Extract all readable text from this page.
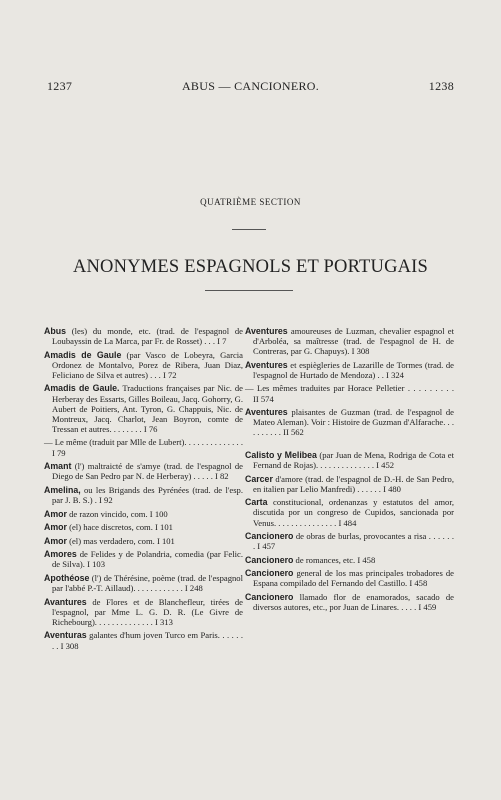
1237	ABUS — CANCIONERO.	1238
QUATRIÈME SECTION
ANONYMES ESPAGNOLS ET PORTUGAIS
Abus (les) du monde, etc. (trad. de l'espagnol de Loubayssin de La Marca, par Fr. de Rosset) . . . I 7
Amadis de Gaule (par Vasco de Lobeyra, Garcia Ordonez de Montalvo, Porez de Ribera, Juan Diaz, Feliciano de Silva et autres) . . . I 72
Amadis de Gaule. Traductions françaises par Nic. de Herberay des Essarts, Gilles Boileau, Jacq. Gohorry, G. Aubert de Poitiers, Ant. Tyron, G. Chappuis, Nic. de Montreux, Jacq. Charlot, Jean Boyron, comte de Tressan et autres. . . . . . . . I 76
— Le même (traduit par Mlle de Lubert). . . . . . . . . . . . . . I 79
Amant (l') maltraicté de s'amye (trad. de l'espagnol de Diego de San Pedro par N. de Herberay) . . . . . I 82
Amelina, ou les Brigands des Pyrénées (trad. de l'esp. par J. B. S.) . I 92
Amor de razon vincido, com. I 100
Amor (el) hace discretos, com. I 101
Amor (el) mas verdadero, com. I 101
Amores de Felides y de Polandria, comedia (par Felic. de Silva). I 103
Apothéose (l') de Thérésine, poème (trad. de l'espagnol par l'abbé P.-T. Aillaud). . . . . . . . . . . . I 248
Avantures de Flores et de Blanchefleur, tirées de l'espagnol, par Mme L. G. D. R. (Le Givre de Richebourg). . . . . . . . . . . . . . I 313
Aventuras galantes d'hum joven Turco em Paris. . . . . . . . I 308
Aventures amoureuses de Luzman, chevalier espagnol et d'Arboléa, sa maîtresse (trad. de l'espagnol de H. de Contreras, par G. Chapuys). I 308
Aventures et espiègleries de Lazarille de Tormes (trad. de l'espagnol de Hurtado de Mendoza) . . I 324
— Les mêmes traduites par Horace Pelletier . . . . . . . . . II 574
Aventures plaisantes de Guzman (trad. de l'espagnol de Mateo Aleman). Voir : Histoire de Guzman d'Alfarache. . . . . . . . . . II 562
Calisto y Melibea (par Juan de Mena, Rodriga de Cota et Fernand de Rojas). . . . . . . . . . . . . . I 452
Carcer d'amore (trad. de l'espagnol de D.-H. de San Pedro, en italien par Lelio Manfredi) . . . . . . I 480
Carta constitucional, ordenanzas y estatutos del amor, discutida por un congreso de Cupidos, sancionada por Venus. . . . . . . . . . . . . . . I 484
Cancionero de obras de burlas, provocantes a risa . . . . . . . I 457
Cancionero de romances, etc. I 458
Cancionero general de los mas principales trobadores de Espana compilado del Fernando del Castillo. I 458
Cancionero llamado flor de enamorados, sacado de diversos autores, etc., por Juan de Linares. . . . . I 459
